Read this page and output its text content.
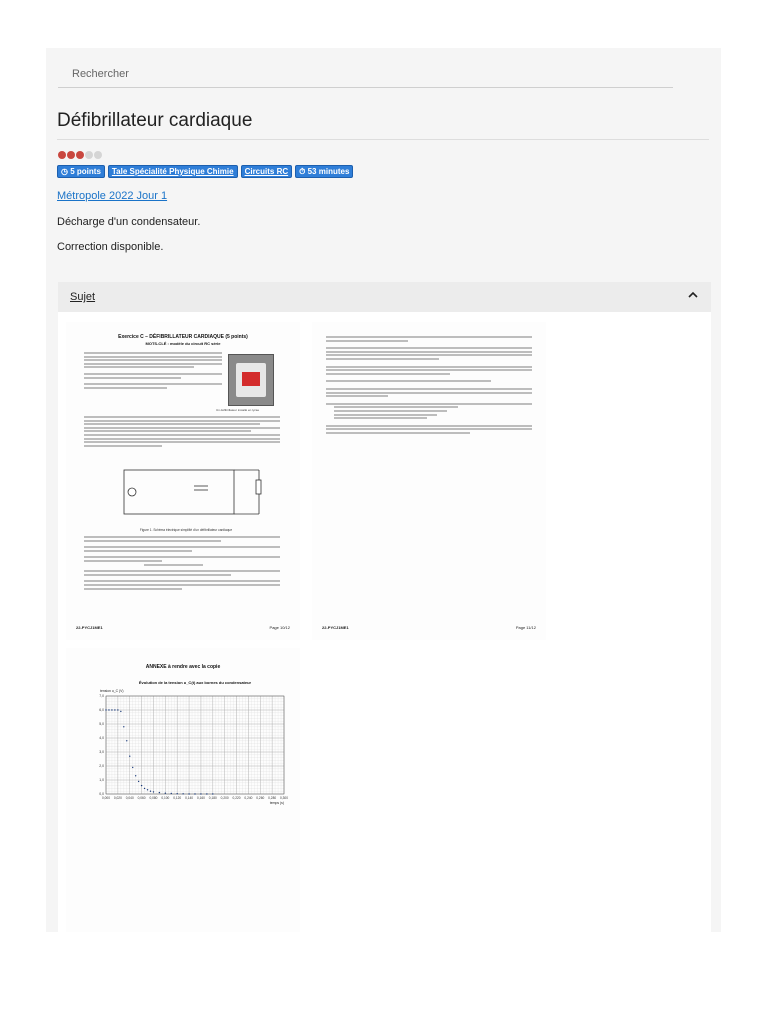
Rechercher
Défibrillateur cardiaque
◷ 5 points	Tale Spécialité Physique Chimie	Circuits RC	⏱ 53 minutes
Métropole 2022 Jour 1

Décharge d'un condensateur.

Correction disponible.

Sujet
Exercice C – DÉFIBRILLATEUR CARDIAQUE (5 points)
MOTS-CLÉ : modèle du circuit RC série
Un défibrillateur installé en lycée
Figure 1. Schéma électrique simplifié d'un défibrillateur cardiaque
22-PYCJ1ME1	Page 10/12	22-PYCJ1ME1	Page 11/12
ANNEXE à rendre avec la copie
0,000 0,020 0,040 0,060 0,080 0,100 0,120 0,140 0,160 0,180 0,200 0,220 0,240 0,260 0,280 0,300
0,0
1,0
2,0
3,0
4,0
5,0
6,0
7,0
Évolution de la tension u_C(t) aux bornes du condensateur
tension u_C (V)
temps (s)
